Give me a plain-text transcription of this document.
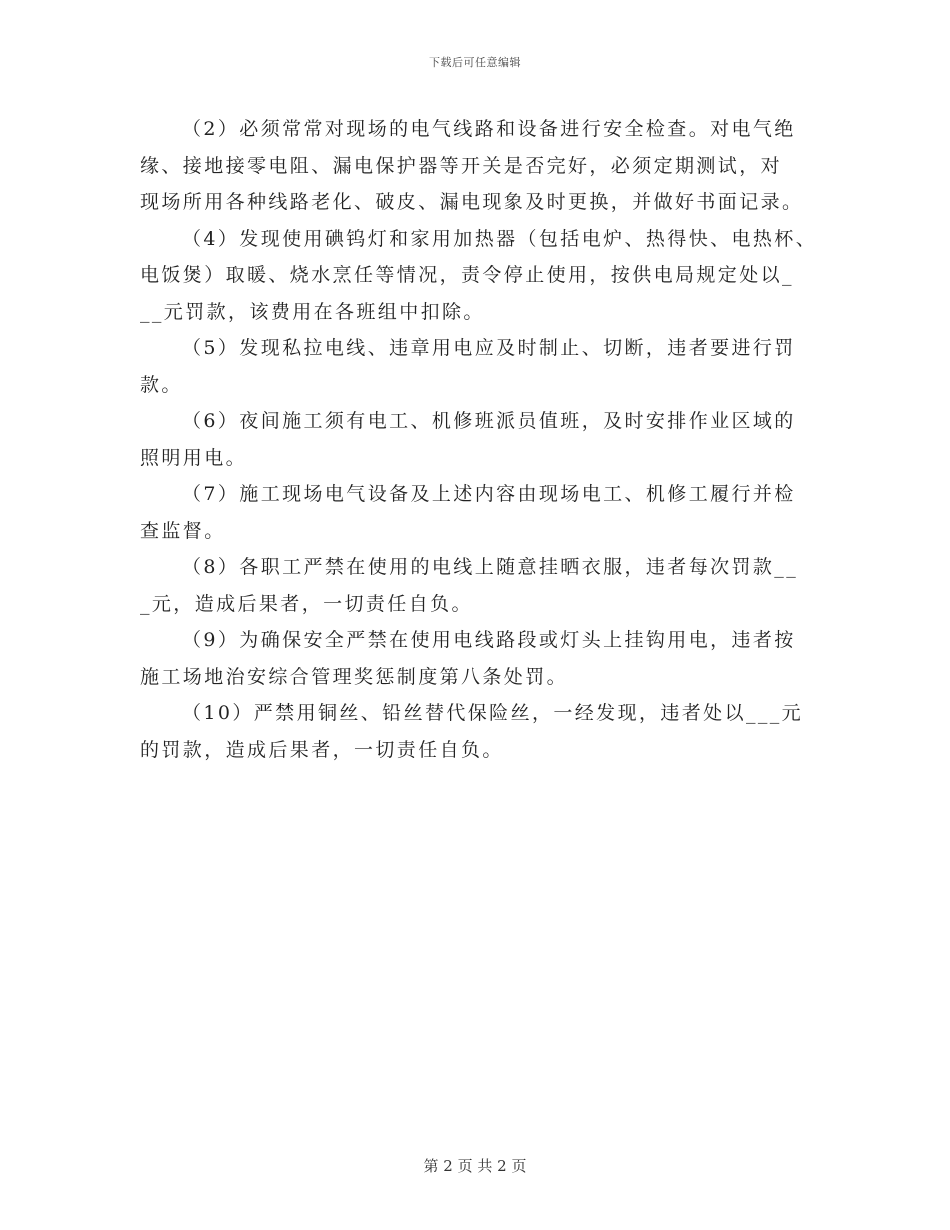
下载后可任意编辑

（2）必须常常对现场的电气线路和设备进行安全检查。对电气绝
缘、接地接零电阻、漏电保护器等开关是否完好，必须定期测试，对
现场所用各种线路老化、破皮、漏电现象及时更换，并做好书面记录。

（4）发现使用碘钨灯和家用加热器（包括电炉、热得快、电热杯、
电饭煲）取暖、烧水烹任等情况，责令停止使用，按供电局规定处以_
__元罚款，该费用在各班组中扣除。

（5）发现私拉电线、违章用电应及时制止、切断，违者要进行罚
款。

（6）夜间施工须有电工、机修班派员值班，及时安排作业区域的
照明用电。

（7）施工现场电气设备及上述内容由现场电工、机修工履行并检
查监督。

（8）各职工严禁在使用的电线上随意挂晒衣服，违者每次罚款__
_元，造成后果者，一切责任自负。

（9）为确保安全严禁在使用电线路段或灯头上挂钩用电，违者按
施工场地治安综合管理奖惩制度第八条处罚。

（10）严禁用铜丝、铅丝替代保险丝，一经发现，违者处以___元
的罚款，造成后果者，一切责任自负。

第 2 页 共 2 页
